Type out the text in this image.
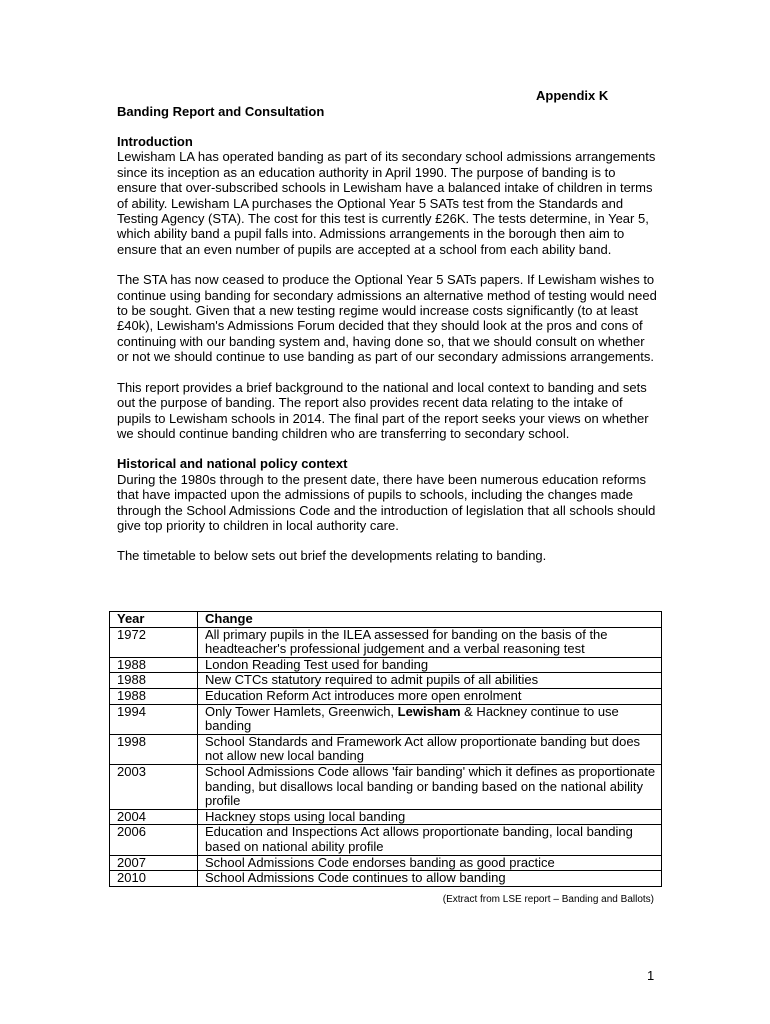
Appendix K
Banding Report and Consultation
Introduction

Lewisham LA has operated banding as part of its secondary school admissions arrangements since its inception as an education authority in April 1990. The purpose of banding is to ensure that over-subscribed schools in Lewisham have a balanced intake of children in terms of ability. Lewisham LA purchases the Optional Year 5 SATs test from the Standards and Testing Agency (STA). The cost for this test is currently £26K. The tests determine, in Year 5, which ability band a pupil falls into. Admissions arrangements in the borough then aim to ensure that an even number of pupils are accepted at a school from each ability band.

The STA has now ceased to produce the Optional Year 5 SATs papers. If Lewisham wishes to continue using banding for secondary admissions an alternative method of testing would need to be sought. Given that a new testing regime would increase costs significantly (to at least £40k), Lewisham's Admissions Forum decided that they should look at the pros and cons of continuing with our banding system and, having done so, that we should consult on whether or not we should continue to use banding as part of our secondary admissions arrangements.

This report provides a brief background to the national and local context to banding and sets out the purpose of banding. The report also provides recent data relating to the intake of pupils to Lewisham schools in 2014. The final part of the report seeks your views on whether we should continue banding children who are transferring to secondary school.

Historical and national policy context

During the 1980s through to the present date, there have been numerous education reforms that have impacted upon the admissions of pupils to schools, including the changes made through the School Admissions Code and the introduction of legislation that all schools should give top priority to children in local authority care.

The timetable to below sets out brief the developments relating to banding.

Year	Change
1972	All primary pupils in the ILEA assessed for banding on the basis of the headteacher's professional judgement and a verbal reasoning test
1988	London Reading Test used for banding
1988	New CTCs statutory required to admit pupils of all abilities
1988	Education Reform Act introduces more open enrolment
1994	Only Tower Hamlets, Greenwich, Lewisham & Hackney continue to use banding
1998	School Standards and Framework Act allow proportionate banding but does not allow new local banding
2003	School Admissions Code allows 'fair banding' which it defines as proportionate banding, but disallows local banding or banding based on the national ability profile
2004	Hackney stops using local banding
2006	Education and Inspections Act allows proportionate banding, local banding based on national ability profile
2007	School Admissions Code endorses banding as good practice
2010	School Admissions Code continues to allow banding
(Extract from LSE report – Banding and Ballots)
1
